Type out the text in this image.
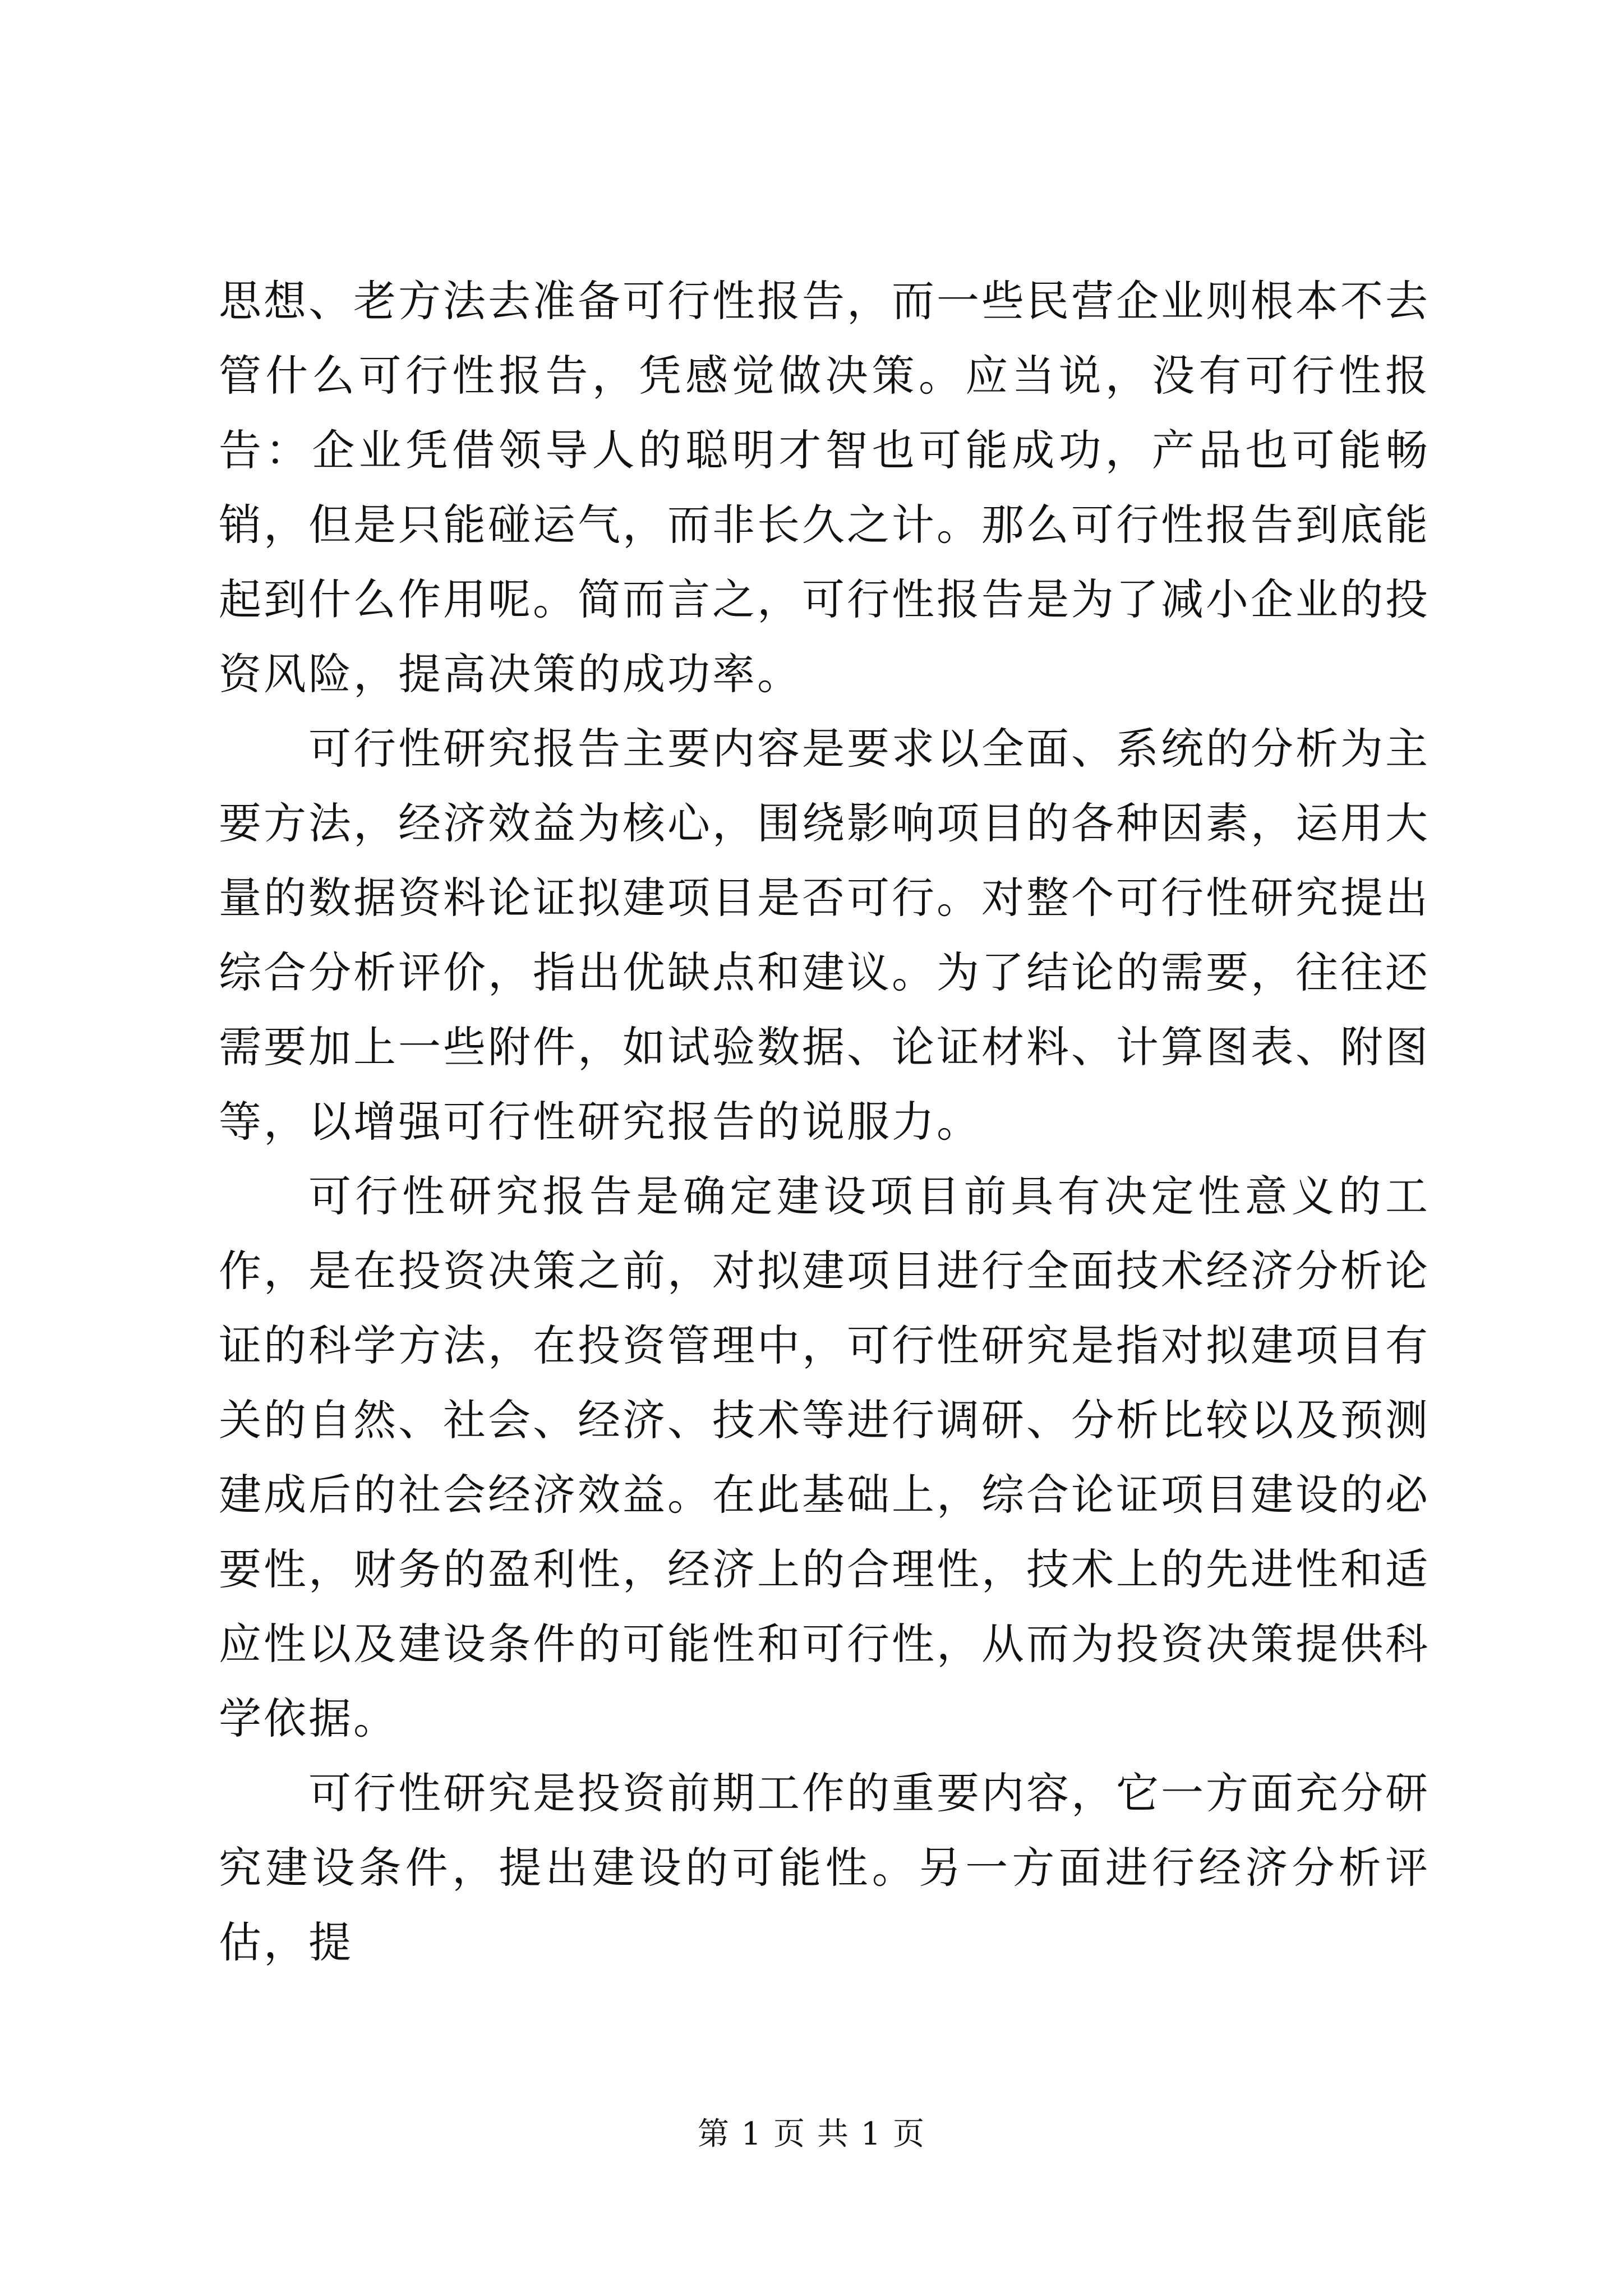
思想、老方法去准备可行性报告，而一些民营企业则根本不去管什么可行性报告，凭感觉做决策。应当说，没有可行性报告：企业凭借领导人的聪明才智也可能成功，产品也可能畅销，但是只能碰运气，而非长久之计。那么可行性报告到底能起到什么作用呢。简而言之，可行性报告是为了减小企业的投资风险，提高决策的成功率。

可行性研究报告主要内容是要求以全面、系统的分析为主要方法，经济效益为核心，围绕影响项目的各种因素，运用大量的数据资料论证拟建项目是否可行。对整个可行性研究提出综合分析评价，指出优缺点和建议。为了结论的需要，往往还需要加上一些附件，如试验数据、论证材料、计算图表、附图等，以增强可行性研究报告的说服力。

可行性研究报告是确定建设项目前具有决定性意义的工作，是在投资决策之前，对拟建项目进行全面技术经济分析论证的科学方法，在投资管理中，可行性研究是指对拟建项目有关的自然、社会、经济、技术等进行调研、分析比较以及预测建成后的社会经济效益。在此基础上，综合论证项目建设的必要性，财务的盈利性，经济上的合理性，技术上的先进性和适应性以及建设条件的可能性和可行性，从而为投资决策提供科学依据。

可行性研究是投资前期工作的重要内容，它一方面充分研究建设条件，提出建设的可能性。另一方面进行经济分析评估，提

第 1 页 共 1 页
